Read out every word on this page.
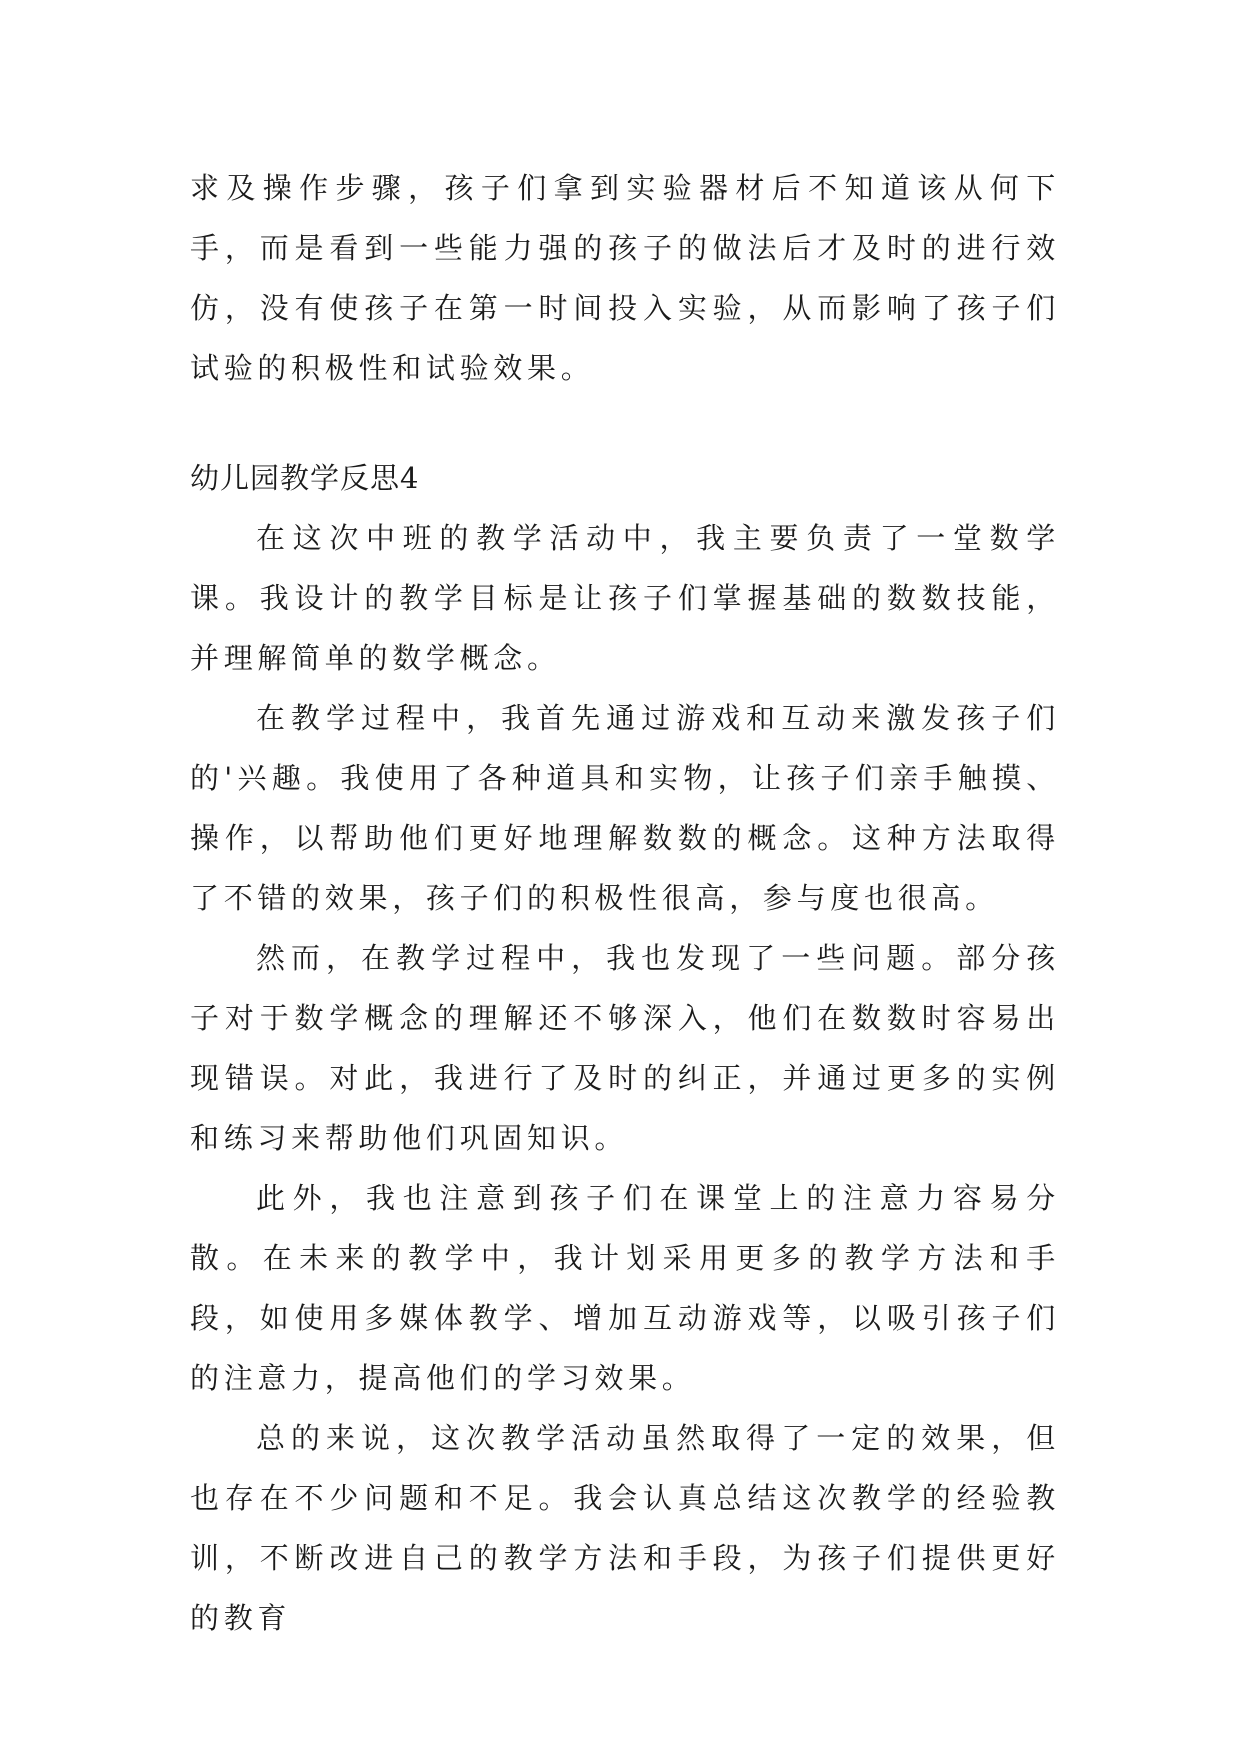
求及操作步骤，孩子们拿到实验器材后不知道该从何下手，而是看到一些能力强的孩子的做法后才及时的进行效仿，没有使孩子在第一时间投入实验，从而影响了孩子们试验的积极性和试验效果。

幼儿园教学反思4

在这次中班的教学活动中，我主要负责了一堂数学课。我设计的教学目标是让孩子们掌握基础的数数技能，并理解简单的数学概念。

在教学过程中，我首先通过游戏和互动来激发孩子们的'兴趣。我使用了各种道具和实物，让孩子们亲手触摸、操作，以帮助他们更好地理解数数的概念。这种方法取得了不错的效果，孩子们的积极性很高，参与度也很高。

然而，在教学过程中，我也发现了一些问题。部分孩子对于数学概念的理解还不够深入，他们在数数时容易出现错误。对此，我进行了及时的纠正，并通过更多的实例和练习来帮助他们巩固知识。

此外，我也注意到孩子们在课堂上的注意力容易分散。在未来的教学中，我计划采用更多的教学方法和手段，如使用多媒体教学、增加互动游戏等，以吸引孩子们的注意力，提高他们的学习效果。

总的来说，这次教学活动虽然取得了一定的效果，但也存在不少问题和不足。我会认真总结这次教学的经验教训，不断改进自己的教学方法和手段，为孩子们提供更好的教育
